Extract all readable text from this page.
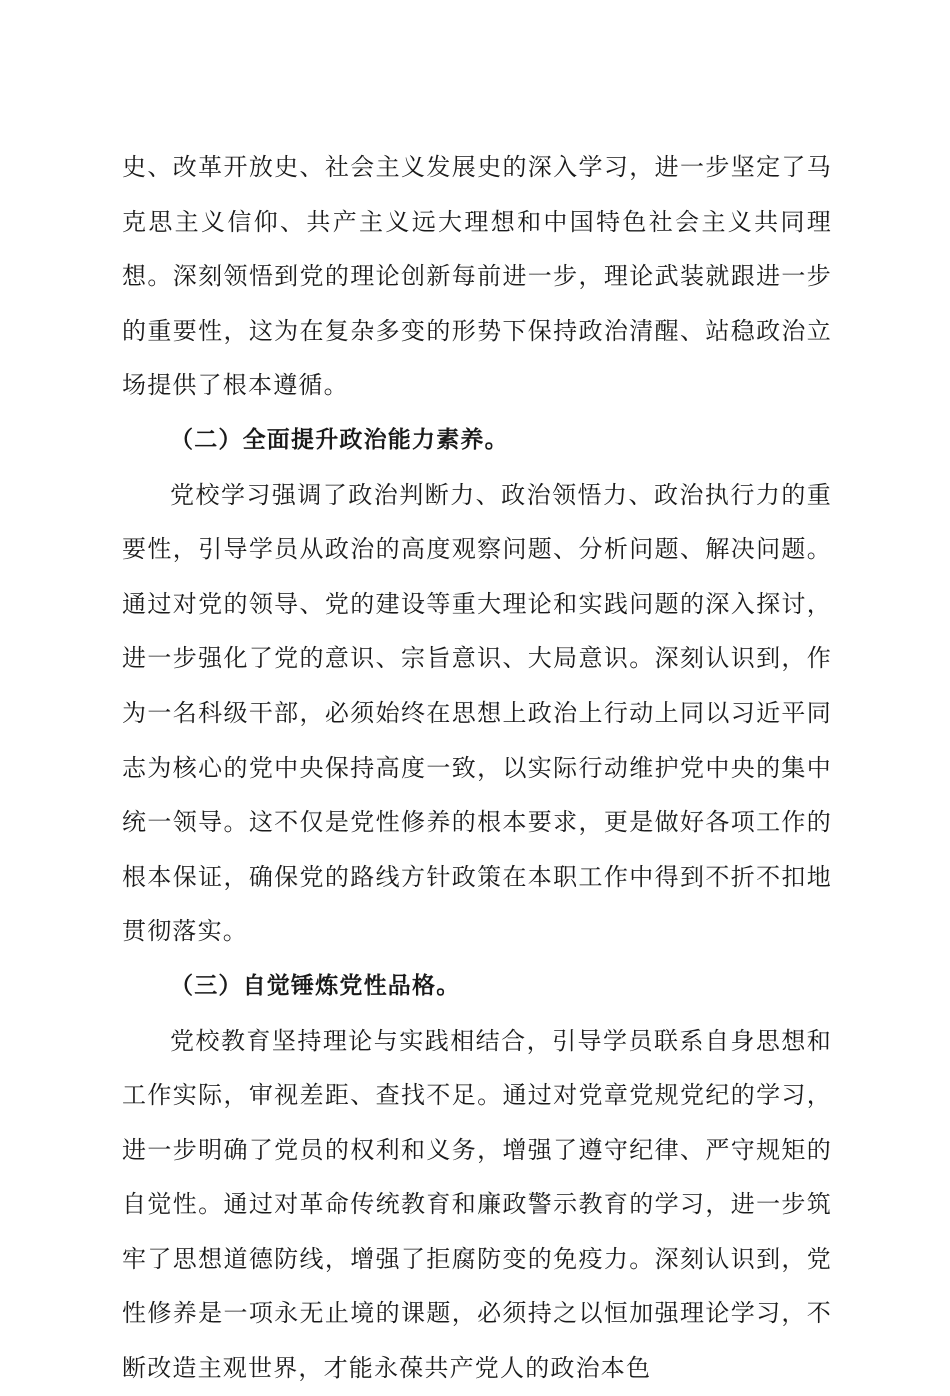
史、改革开放史、社会主义发展史的深入学习，进一步坚定了马克思主义信仰、共产主义远大理想和中国特色社会主义共同理想。深刻领悟到党的理论创新每前进一步，理论武装就跟进一步的重要性，这为在复杂多变的形势下保持政治清醒、站稳政治立场提供了根本遵循。

（二）全面提升政治能力素养。

党校学习强调了政治判断力、政治领悟力、政治执行力的重要性，引导学员从政治的高度观察问题、分析问题、解决问题。通过对党的领导、党的建设等重大理论和实践问题的深入探讨，进一步强化了党的意识、宗旨意识、大局意识。深刻认识到，作为一名科级干部，必须始终在思想上政治上行动上同以习近平同志为核心的党中央保持高度一致，以实际行动维护党中央的集中统一领导。这不仅是党性修养的根本要求，更是做好各项工作的根本保证，确保党的路线方针政策在本职工作中得到不折不扣地贯彻落实。

（三）自觉锤炼党性品格。

党校教育坚持理论与实践相结合，引导学员联系自身思想和工作实际，审视差距、查找不足。通过对党章党规党纪的学习，进一步明确了党员的权利和义务，增强了遵守纪律、严守规矩的自觉性。通过对革命传统教育和廉政警示教育的学习，进一步筑牢了思想道德防线，增强了拒腐防变的免疫力。深刻认识到，党性修养是一项永无止境的课题，必须持之以恒加强理论学习，不断改造主观世界，才能永葆共产党人的政治本色
